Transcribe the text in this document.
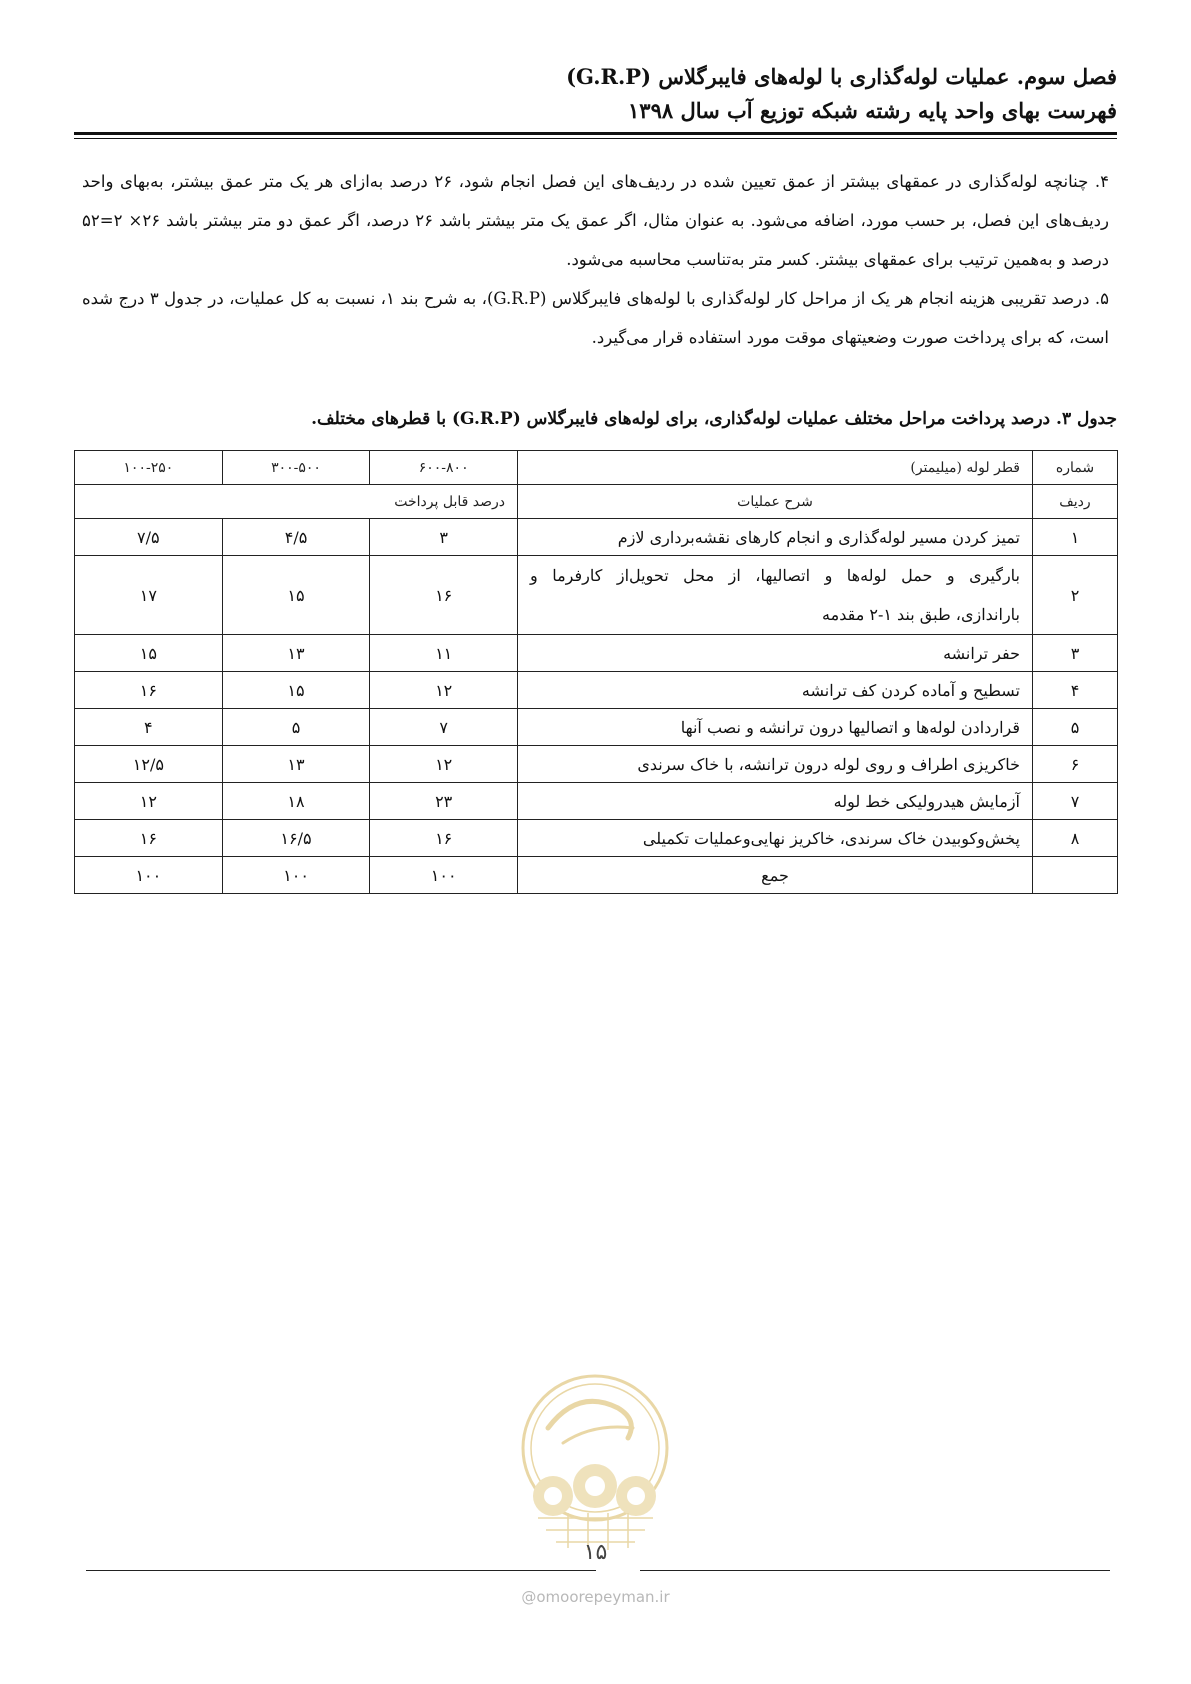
فصل سوم. عملیات لوله‌گذاری با لوله‌های فایبرگلاس (G.R.P)
فهرست بهای واحد پایه رشته شبکه توزیع آب سال ۱۳۹۸

۴. چنانچه لوله‌گذاری در عمقهای بیشتر از عمق تعیین شده در ردیف‌های این فصل انجام شود، ۲۶ درصد به‌ازای هر یک متر عمق بیشتر، به‌بهای واحد ردیف‌های این فصل، بر حسب مورد، اضافه می‌شود. به عنوان مثال، اگر عمق یک متر بیشتر باشد ۲۶ درصد، اگر عمق دو متر بیشتر باشد ۲۶× ۲=۵۲ درصد و به‌همین ترتیب برای عمقهای بیشتر. کسر متر به‌تناسب محاسبه می‌شود.

۵. درصد تقریبی هزینه انجام هر یک از مراحل کار لوله‌گذاری با لوله‌های فایبرگلاس (G.R.P)، به شرح بند ۱، نسبت به کل عملیات، در جدول ۳ درج شده است، که برای پرداخت صورت وضعیتهای موقت مورد استفاده قرار می‌گیرد.

جدول ۳. درصد پرداخت مراحل مختلف عملیات لوله‌گذاری، برای لوله‌های فایبرگلاس (G.R.P) با قطرهای مختلف.
شماره	قطر لوله (میلیمتر)	۶۰۰-۸۰۰	۳۰۰-۵۰۰	۱۰۰-۲۵۰
ردیف	شرح عملیات	درصد قابل پرداخت		
۱	تمیز کردن مسیر لوله‌گذاری و انجام کارهای نقشه‌برداری لازم	۳	۴/۵	۷/۵
۲	بارگیری و حمل لوله‌ها و اتصالیها، از محل تحویل‌از کارفرما و
باراندازی، طبق بند ۱-۲ مقدمه	۱۶	۱۵	۱۷
۳	حفر ترانشه	۱۱	۱۳	۱۵
۴	تسطیح و آماده کردن کف ترانشه	۱۲	۱۵	۱۶
۵	قراردادن لوله‌ها و اتصالیها درون ترانشه و نصب آنها	۷	۵	۴
۶	خاکریزی اطراف و روی لوله درون ترانشه، با خاک سرندی	۱۲	۱۳	۱۲/۵
۷	آزمایش هیدرولیکی خط لوله	۲۳	۱۸	۱۲
۸	پخش‌وکوبیدن خاک سرندی، خاکریز نهایی‌وعملیات تکمیلی	۱۶	۱۶/۵	۱۶
	جمع	۱۰۰	۱۰۰	۱۰۰
۱۵
@omoorepeyman.ir
